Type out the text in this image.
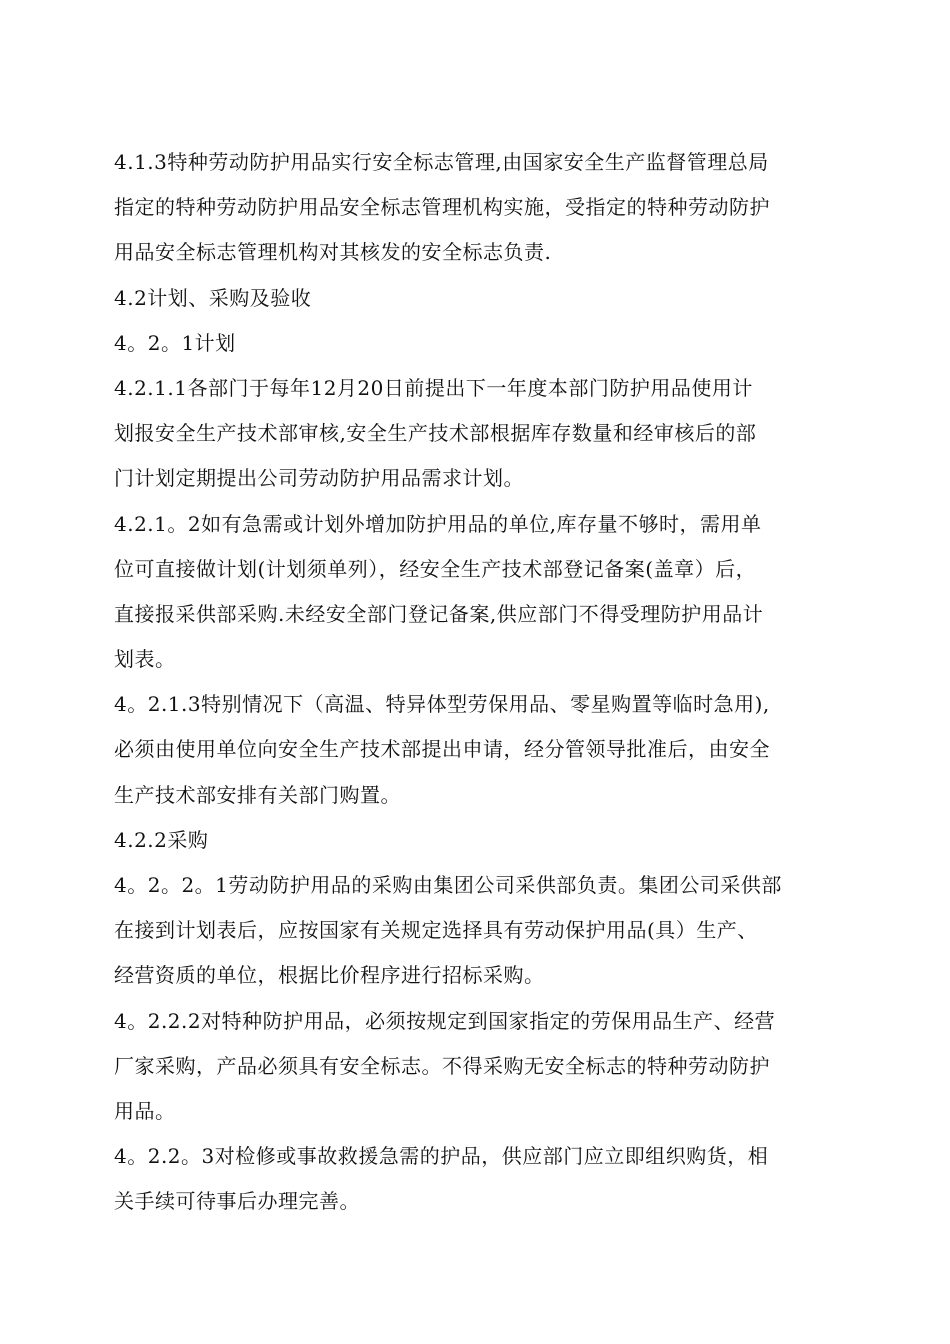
4.1.3特种劳动防护用品实行安全标志管理,由国家安全生产监督管理总局
指定的特种劳动防护用品安全标志管理机构实施，受指定的特种劳动防护
用品安全标志管理机构对其核发的安全标志负责.

4.2计划、采购及验收

4。2。1计划

4.2.1.1各部门于每年12月20日前提出下一年度本部门防护用品使用计
划报安全生产技术部审核,安全生产技术部根据库存数量和经审核后的部
门计划定期提出公司劳动防护用品需求计划。

4.2.1。2如有急需或计划外增加防护用品的单位,库存量不够时，需用单
位可直接做计划(计划须单列），经安全生产技术部登记备案(盖章）后，
直接报采供部采购.未经安全部门登记备案,供应部门不得受理防护用品计
划表。

4。2.1.3特别情况下（高温、特异体型劳保用品、零星购置等临时急用),
必须由使用单位向安全生产技术部提出申请，经分管领导批准后，由安全
生产技术部安排有关部门购置。

4.2.2采购

4。2。2。1劳动防护用品的采购由集团公司采供部负责。集团公司采供部
在接到计划表后，应按国家有关规定选择具有劳动保护用品(具）生产、
经营资质的单位，根据比价程序进行招标采购。

4。2.2.2对特种防护用品，必须按规定到国家指定的劳保用品生产、经营
厂家采购，产品必须具有安全标志。不得采购无安全标志的特种劳动防护
用品。

4。2.2。3对检修或事故救援急需的护品，供应部门应立即组织购货，相
关手续可待事后办理完善。
